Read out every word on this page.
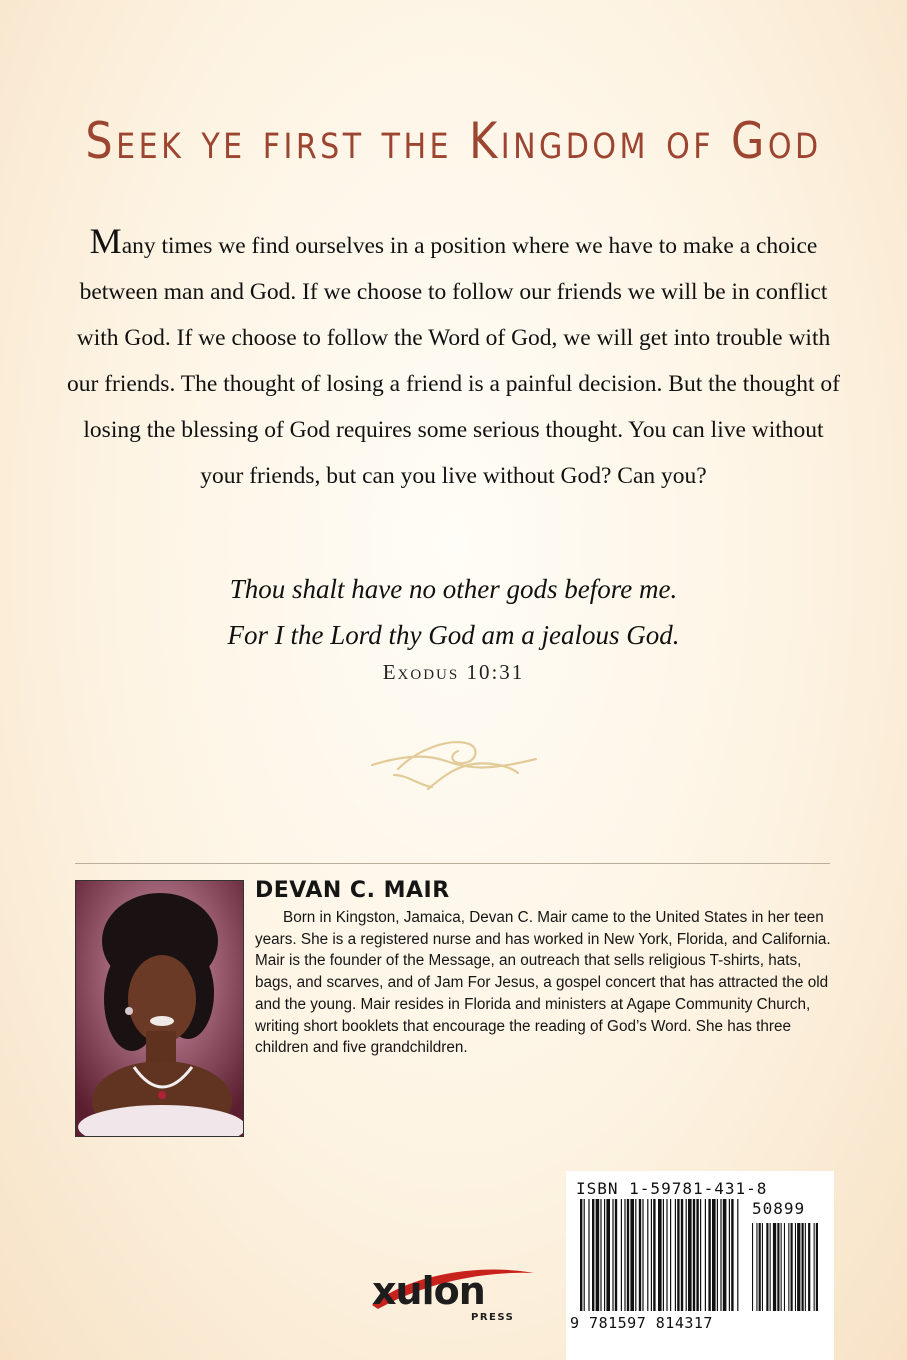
Seek ye first the Kingdom of God

Many times we find ourselves in a position where we have to make a choice between man and God. If we choose to follow our friends we will be in conflict with God. If we choose to follow the Word of God, we will get into trouble with our friends. The thought of losing a friend is a painful decision. But the thought of losing the blessing of God requires some serious thought. You can live without your friends, but can you live without God? Can you?

Thou shalt have no other gods before me.
For I the Lord thy God am a jealous God.
Exodus 10:31
DEVAN C. MAIR

Born in Kingston, Jamaica, Devan C. Mair came to the United States in her teen years. She is a registered nurse and has worked in New York, Florida, and California. Mair is the founder of the Message, an outreach that sells religious T-shirts, hats, bags, and scarves, and of Jam For Jesus, a gospel concert that has attracted the old and the young. Mair resides in Florida and ministers at Agape Community Church, writing short booklets that encourage the reading of God’s Word. She has three children and five grandchildren.

xulon
PRESS
ISBN 1-59781-431-8
50899
9 781597 814317
